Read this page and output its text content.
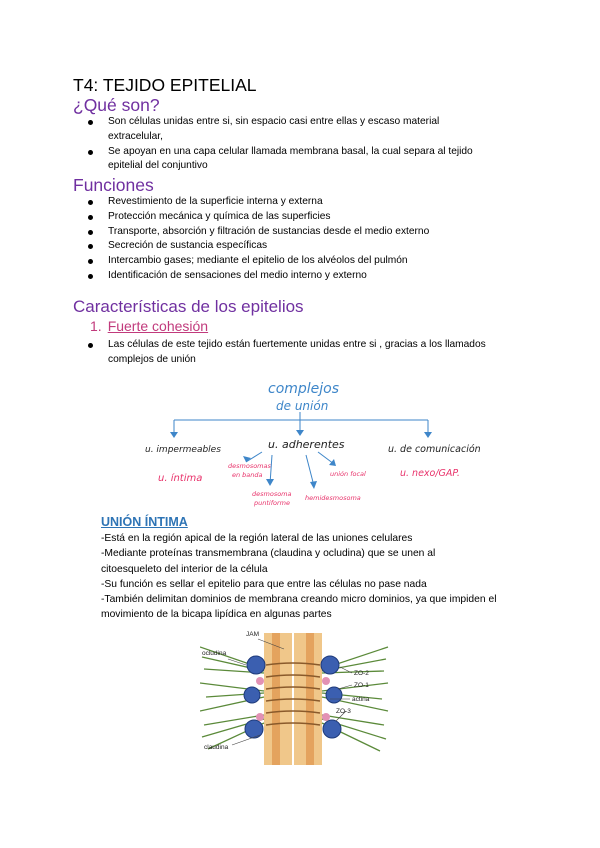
T4: TEJIDO EPITELIAL
¿Qué son?
Son células unidas entre si, sin espacio casi entre ellas y escaso material
extracelular,
Se apoyan en una capa celular llamada membrana basal, la cual separa al tejido
epitelial del conjuntivo
Funciones
Revestimiento de la superficie interna y externa
Protección mecánica y química de las superficies
Transporte, absorción y filtración de sustancias desde el medio externo
Secreción de sustancia específicas
Intercambio gases; mediante el epitelio de los alvéolos del pulmón
Identificación de sensaciones del medio interno y externo
Características de los epitelios
1. Fuerte cohesión
Las células de este tejido están fuertemente unidas entre si , gracias a los llamados
complejos de unión
complejos
de unión
u. impermeables	u. adherentes	u. de comunicación
u. íntima
desmosomas
en banda
desmosoma
puntiforme
unión focal
hemidesmosoma
u. nexo/GAP.
UNIÓN ÍNTIMA
-Está en la región apical de la región lateral de las uniones celulares
-Mediante proteínas transmembrana (claudina y ocludina) que se unen al
citoesqueleto del interior de la célula
-Su función es sellar el epitelio para que entre las células no pase nada
-También delimitan dominios de membrana creando micro dominios, ya que impiden el
movimiento de la bicapa lipídica en algunas partes
JAM
ocludina
ZO-2
ZO-1
actina
ZO-3
claudina
